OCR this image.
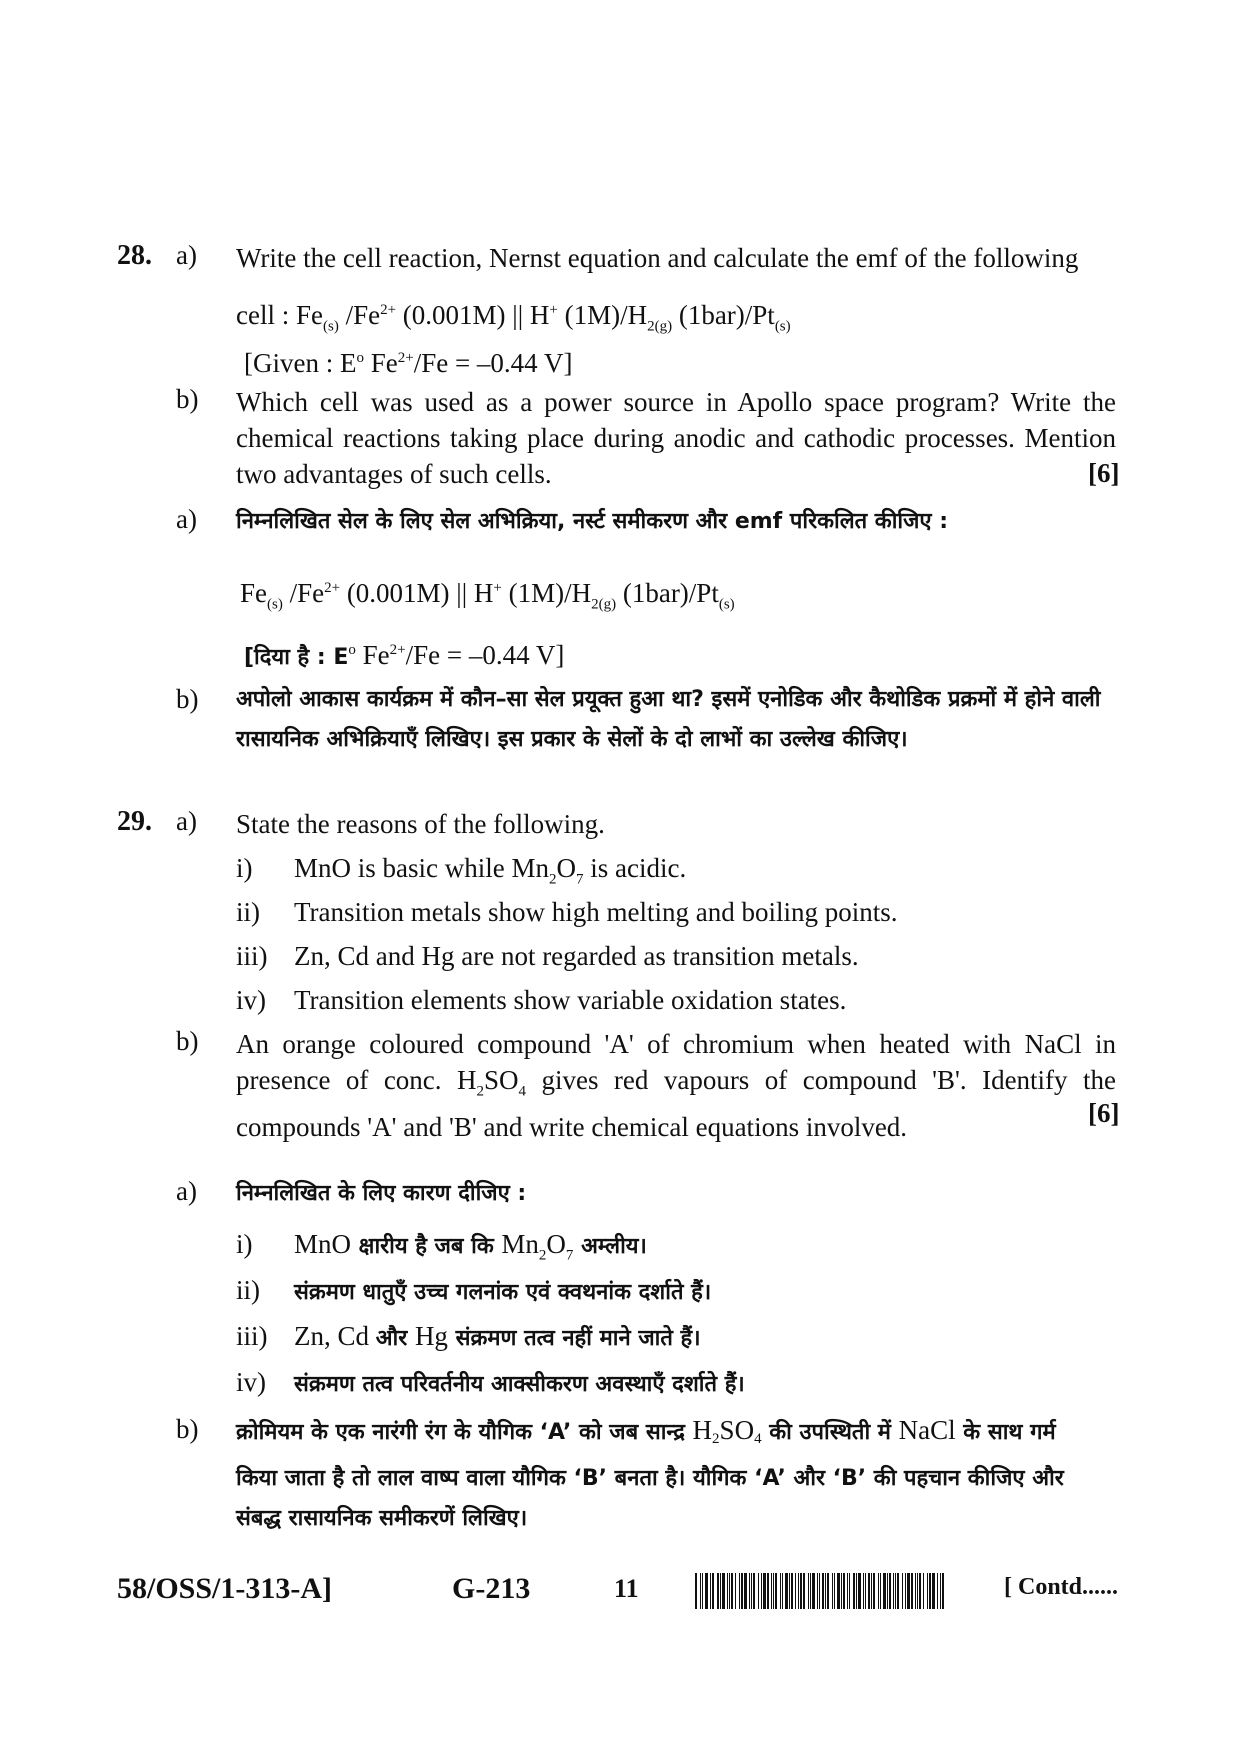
28. a) Write the cell reaction, Nernst equation and calculate the emf of the following
cell : $Fe_{(s)}$ $/Fe^{2+}$ (0.001M) || H+ $(1M)/H_{2(g)}$ $(1bar)/Pt_{(s)}$
[Given : $E^o$ $Fe^{2+}/Fe = -0.44$ V]
b) Which cell was used as a power source in Apollo space program? Write the chemical reactions taking place during anodic and cathodic processes. Mention two advantages of such cells.	[6]
a) निम्नलिखित सेल के लिए सेल अभिक्रिया, नर्स्ट समीकरण और emf परिकलित कीजिए :
$Fe_{(s)}$ $/Fe^{2+}$ (0.001M) || H+ $(1M)/H_{2(g)}$ $(1bar)/Pt_{(s)}$
[दिया है : $E^o$ $Fe^{2+}/Fe = -0.44$ V]
b) अपोलो आकास कार्यक्रम में कौन–सा सेल प्रयूक्त हुआ था? इसमें एनोडिक और कैथोडिक प्रक्रमों में होने वाली रासायनिक अभिक्रियाएँ लिखिए। इस प्रकार के सेलों के दो लाभों का उल्लेख कीजिए।
29. a) State the reasons of the following.
i) MnO is basic while $Mn_2O_7$ is acidic.
ii) Transition metals show high melting and boiling points.
iii) Zn, Cd and Hg are not regarded as transition metals.
iv) Transition elements show variable oxidation states.
b) An orange coloured compound 'A' of chromium when heated with NaCl in presence of conc. $H_2SO_4$ gives red vapours of compound 'B'. Identify the compounds 'A' and 'B' and write chemical equations involved.	[6]
a) निम्नलिखित के लिए कारण दीजिए :
i) MnO क्षारीय है जब कि $Mn_2O_7$ अम्लीय।
ii) संक्रमण धातुएँ उच्च गलनांक एवं क्वथनांक दर्शाते हैं।
iii) Zn, Cd और Hg संक्रमण तत्व नहीं माने जाते हैं।
iv) संक्रमण तत्व परिवर्तनीय आक्सीकरण अवस्थाएँ दर्शाते हैं।
b) क्रोमियम के एक नारंगी रंग के यौगिक ‘A’ को जब सान्द्र $H_2SO_4$ की उपस्थिती में NaCl के साथ गर्म
किया जाता है तो लाल वाष्प वाला यौगिक ‘B’ बनता है। यौगिक ‘A’ और ‘B’ की पहचान कीजिए और
संबद्ध रासायनिक समीकरणें लिखिए।
58/OSS/1-313-A]	G-213	11	[ Contd......
